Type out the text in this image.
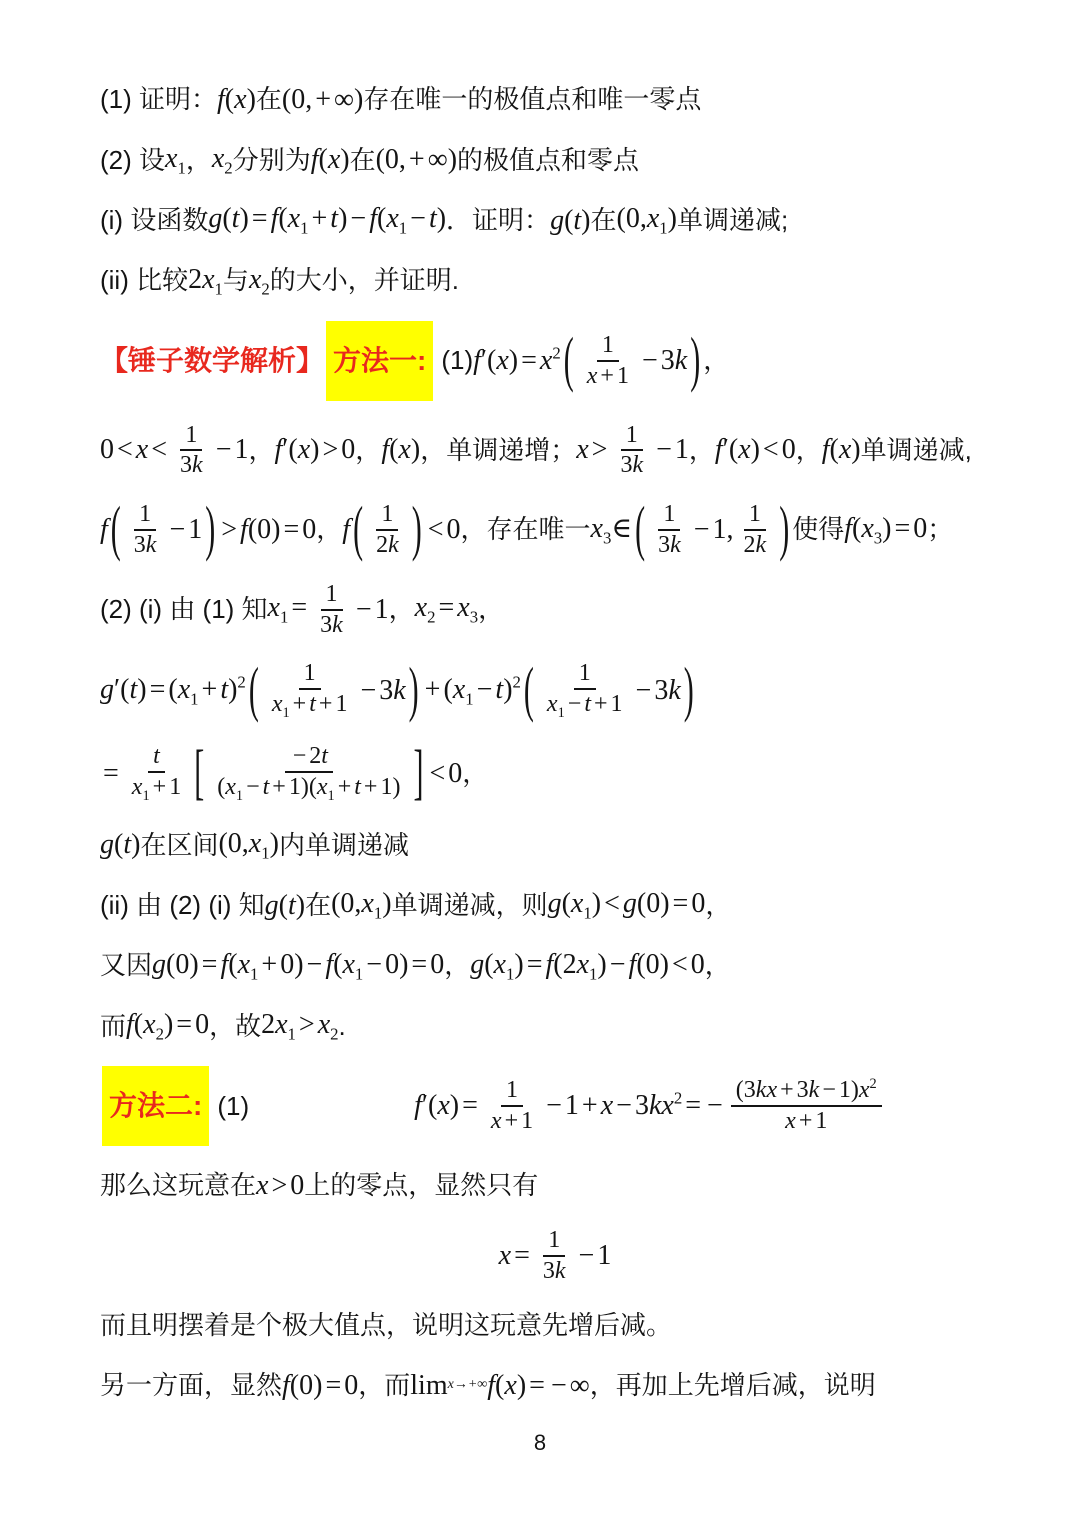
(1) 证明： f(x) 在 (0, + ∞) 存在唯一的极值点和唯一零点
(2) 设 $x_1$ ， $x_2$ 分别为 f(x) 在 (0, + ∞) 的极值点和零点
(i) 设函数 $g(t) = f(x_1 + t) - f(x_1 - t)$ ．证明： g(t) 在 $(0,x_1)$ 单调递减;
(ii) 比较 $2x_1$ 与 $x_2$ 的大小，并证明.
【锤子数学解析】 方法一: (1) $f'(x) = x^2$ ( $\frac{1}{x + 1} - 3k$ ) ，
$0 < x < \frac{1}{3k} - 1$ ， f′(x) > 0 ， f(x) ，单调递增； $x > \frac{1}{3k} - 1$ ， f′(x) < 0 ， f(x) 单调递减,
f ( $\frac{1}{3k} - 1$ ) > f(0) = 0 ， f ( $\frac{1}{2k}$ ) < 0 ，存在唯一 $x_3\in$ ( $\frac{1}{3k} - 1$, $\frac{1}{2k}$ ) 使得 $f(x_3) = 0$ ；
(2) (i) 由 (1) 知 $x_1 = \frac{1}{3k} - 1$ ， $x_2 = x_3$ ，
$g'(t) = (x_1 + t)^2$ ( $\frac{1}{x_1 + t + 1} - 3k$ ) + $(x_1 - t)^2$ ( $\frac{1}{x_1 - t + 1} - 3k$ )
= $\frac{t}{x_1 + 1}$ [ $\frac{- 2t}{(x_1 - t + 1)(x_1 + t + 1)}$ ] < 0 ，
g(t) 在区间 $(0,x_1)$ 内单调递减
(ii) 由 (2) (i) 知 g(t) 在 $(0,x_1)$ 单调递减，则 $g(x_1) < g(0) = 0$ ，
又因 $g(0) = f(x_1 + 0) - f(x_1 - 0) = 0$ ， $g(x_1) = f(2x_1) - f(0) < 0$ ，
而 $f(x_2) = 0$ ，故 $2x_1 > x_2$ .
方法二: (1)	$f'(x) = \frac{1}{x + 1} - 1 + x - 3kx^2$ = − $\frac{(3kx + 3k - 1)x^2}{x + 1}$
那么这玩意在 x > 0 上的零点，显然只有
$x = \frac{1}{3k} - 1$
而且明摆着是个极大值点，说明这玩意先增后减。
另一方面，显然 f(0) = 0 ，而 lim x→+∞ f(x) = − ∞ ，再加上先增后减，说明
8
